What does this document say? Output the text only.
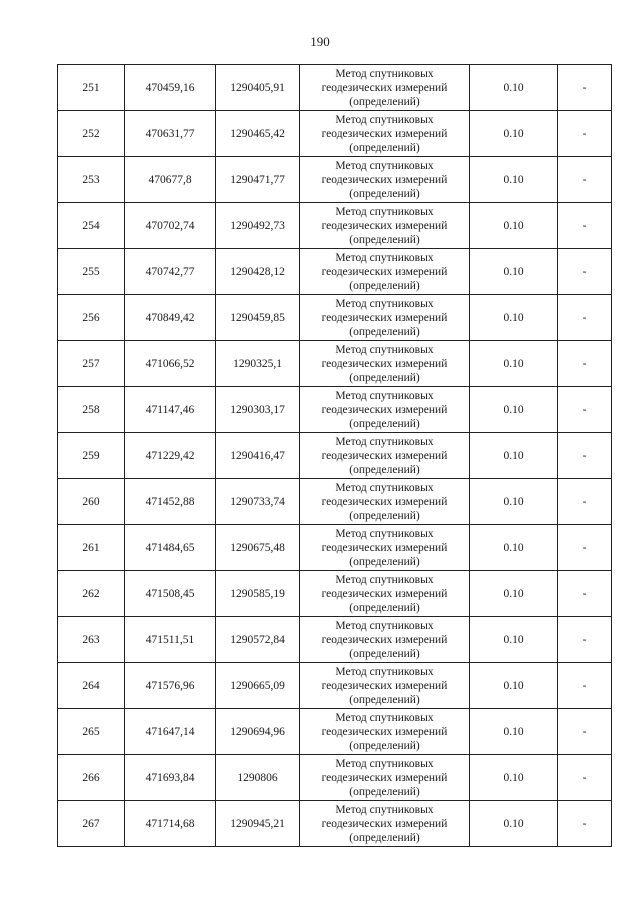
190
251	470459,16	1290405,91	Метод спутниковых геодезических измерений (определений)	0.10	-
252	470631,77	1290465,42	Метод спутниковых геодезических измерений (определений)	0.10	-
253	470677,8	1290471,77	Метод спутниковых геодезических измерений (определений)	0.10	-
254	470702,74	1290492,73	Метод спутниковых геодезических измерений (определений)	0.10	-
255	470742,77	1290428,12	Метод спутниковых геодезических измерений (определений)	0.10	-
256	470849,42	1290459,85	Метод спутниковых геодезических измерений (определений)	0.10	-
257	471066,52	1290325,1	Метод спутниковых геодезических измерений (определений)	0.10	-
258	471147,46	1290303,17	Метод спутниковых геодезических измерений (определений)	0.10	-
259	471229,42	1290416,47	Метод спутниковых геодезических измерений (определений)	0.10	-
260	471452,88	1290733,74	Метод спутниковых геодезических измерений (определений)	0.10	-
261	471484,65	1290675,48	Метод спутниковых геодезических измерений (определений)	0.10	-
262	471508,45	1290585,19	Метод спутниковых геодезических измерений (определений)	0.10	-
263	471511,51	1290572,84	Метод спутниковых геодезических измерений (определений)	0.10	-
264	471576,96	1290665,09	Метод спутниковых геодезических измерений (определений)	0.10	-
265	471647,14	1290694,96	Метод спутниковых геодезических измерений (определений)	0.10	-
266	471693,84	1290806	Метод спутниковых геодезических измерений (определений)	0.10	-
267	471714,68	1290945,21	Метод спутниковых геодезических измерений (определений)	0.10	-
